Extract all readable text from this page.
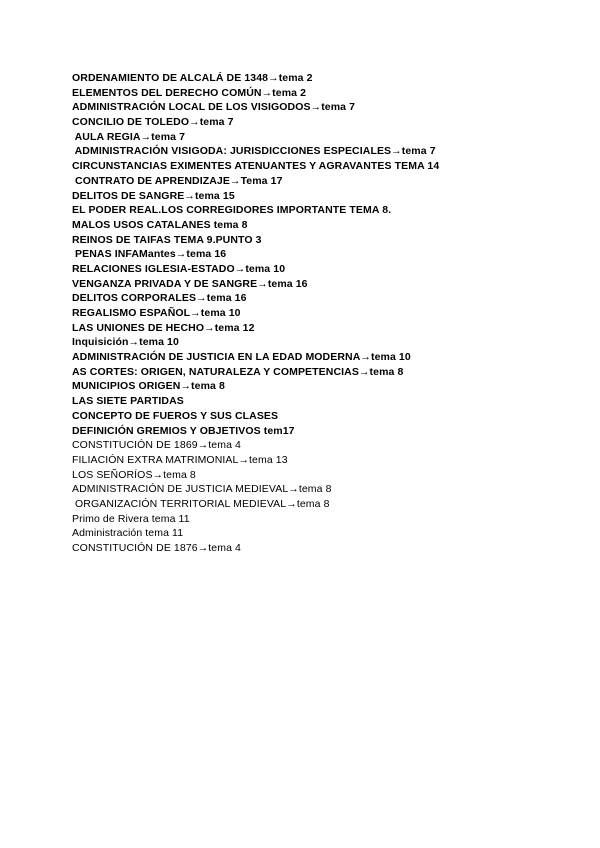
ORDENAMIENTO DE ALCALÁ DE 1348→tema 2
ELEMENTOS DEL DERECHO COMÚN→tema 2
ADMINISTRACIÓN LOCAL DE LOS VISIGODOS→tema 7
CONCILIO DE TOLEDO→tema 7
AULA REGIA→tema 7
ADMINISTRACIÓN VISIGODA: JURISDICCIONES ESPECIALES→tema 7
CIRCUNSTANCIAS EXIMENTES ATENUANTES Y AGRAVANTES TEMA 14
CONTRATO DE APRENDIZAJE→Tema 17
DELITOS DE SANGRE→tema 15
EL PODER REAL.LOS CORREGIDORES IMPORTANTE TEMA 8.
MALOS USOS CATALANES tema 8
REINOS DE TAIFAS TEMA 9.PUNTO 3
PENAS INFAMantes→tema 16
RELACIONES IGLESIA-ESTADO→tema 10
VENGANZA PRIVADA Y DE SANGRE→tema 16
DELITOS CORPORALES→tema 16
REGALISMO ESPAÑOL→tema 10
LAS UNIONES DE HECHO→tema 12
Inquisición→tema 10
ADMINISTRACIÓN DE JUSTICIA EN LA EDAD MODERNA→tema 10
AS CORTES: ORIGEN, NATURALEZA Y COMPETENCIAS→tema 8
MUNICIPIOS ORIGEN→tema 8
LAS SIETE PARTIDAS
CONCEPTO DE FUEROS Y SUS CLASES
DEFINICIÓN GREMIOS Y OBJETIVOS tem17
CONSTITUCIÓN DE 1869→tema 4
FILIACIÓN EXTRA MATRIMONIAL→tema 13
LOS SEÑORÍOS→tema 8
ADMINISTRACIÓN DE JUSTICIA MEDIEVAL→tema 8
ORGANIZACIÓN TERRITORIAL MEDIEVAL→tema 8
Primo de Rivera tema 11
Administración tema 11
CONSTITUCIÓN DE 1876→tema 4
